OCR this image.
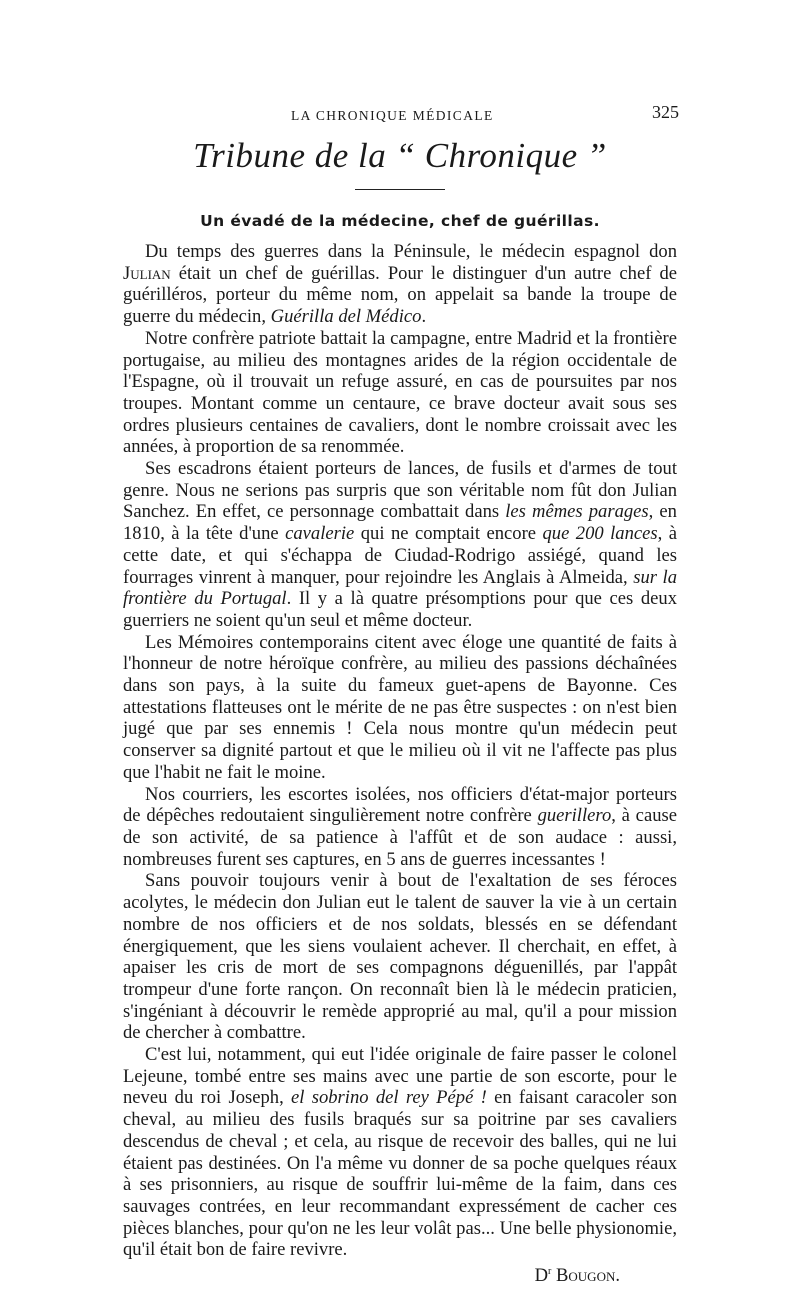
LA CHRONIQUE MÉDICALE	325
Tribune de la “ Chronique ”
Un évadé de la médecine, chef de guérillas.

Du temps des guerres dans la Péninsule, le médecin espagnol don Julian était un chef de guérillas. Pour le distinguer d'un autre chef de guérilléros, porteur du même nom, on appelait sa bande la troupe de guerre du médecin, Guérilla del Médico.

Notre confrère patriote battait la campagne, entre Madrid et la frontière portugaise, au milieu des montagnes arides de la région occidentale de l'Espagne, où il trouvait un refuge assuré, en cas de poursuites par nos troupes. Montant comme un centaure, ce brave docteur avait sous ses ordres plusieurs centaines de cavaliers, dont le nombre croissait avec les années, à proportion de sa renommée.

Ses escadrons étaient porteurs de lances, de fusils et d'armes de tout genre. Nous ne serions pas surpris que son véritable nom fût don Julian Sanchez. En effet, ce personnage combattait dans les mêmes parages, en 1810, à la tête d'une cavalerie qui ne comptait encore que 200 lances, à cette date, et qui s'échappa de Ciudad-Rodrigo assiégé, quand les fourrages vinrent à manquer, pour rejoindre les Anglais à Almeida, sur la frontière du Portugal. Il y a là quatre présomptions pour que ces deux guerriers ne soient qu'un seul et même docteur.

Les Mémoires contemporains citent avec éloge une quantité de faits à l'honneur de notre héroïque confrère, au milieu des passions déchaînées dans son pays, à la suite du fameux guet-apens de Bayonne. Ces attestations flatteuses ont le mérite de ne pas être suspectes : on n'est bien jugé que par ses ennemis ! Cela nous montre qu'un médecin peut conserver sa dignité partout et que le milieu où il vit ne l'affecte pas plus que l'habit ne fait le moine.

Nos courriers, les escortes isolées, nos officiers d'état-major porteurs de dépêches redoutaient singulièrement notre confrère guerillero, à cause de son activité, de sa patience à l'affût et de son audace : aussi, nombreuses furent ses captures, en 5 ans de guerres incessantes !

Sans pouvoir toujours venir à bout de l'exaltation de ses féroces acolytes, le médecin don Julian eut le talent de sauver la vie à un certain nombre de nos officiers et de nos soldats, blessés en se défendant énergiquement, que les siens voulaient achever. Il cherchait, en effet, à apaiser les cris de mort de ses compagnons déguenillés, par l'appât trompeur d'une forte rançon. On reconnaît bien là le médecin praticien, s'ingéniant à découvrir le remède approprié au mal, qu'il a pour mission de chercher à combattre.

C'est lui, notamment, qui eut l'idée originale de faire passer le colonel Lejeune, tombé entre ses mains avec une partie de son escorte, pour le neveu du roi Joseph, el sobrino del rey Pépé ! en faisant caracoler son cheval, au milieu des fusils braqués sur sa poitrine par ses cavaliers descendus de cheval ; et cela, au risque de recevoir des balles, qui ne lui étaient pas destinées. On l'a même vu donner de sa poche quelques réaux à ses prisonniers, au risque de souffrir lui-même de la faim, dans ces sauvages contrées, en leur recommandant expressément de cacher ces pièces blanches, pour qu'on ne les leur volât pas... Une belle physionomie, qu'il était bon de faire revivre.

$D^r$ Bougon.
